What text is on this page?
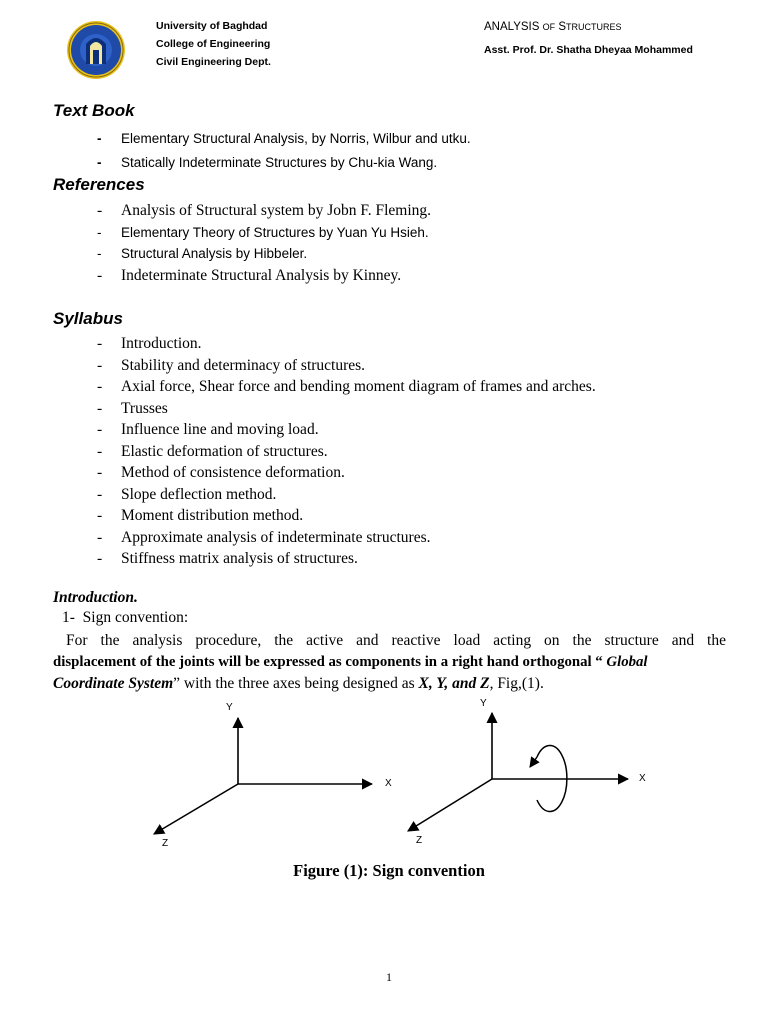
University of Baghdad
College of Engineering
Civil Engineering Dept.
ANALYSIS OF STRUCTURES
Asst. Prof. Dr. Shatha Dheyaa Mohammed
Text Book
- Elementary Structural Analysis, by Norris, Wilbur and utku.
- Statically Indeterminate Structures by Chu-kia Wang.
References
- Analysis of Structural system by Jobn F. Fleming.
- Elementary Theory of Structures by Yuan Yu Hsieh.
- Structural Analysis by Hibbeler.
- Indeterminate Structural Analysis by Kinney.
Syllabus
- Introduction.
- Stability and determinacy of structures.
- Axial force, Shear force and bending moment diagram of frames and arches.
- Trusses
- Influence line and moving load.
- Elastic deformation of structures.
- Method of consistence deformation.
- Slope deflection method.
- Moment distribution method.
- Approximate analysis of indeterminate structures.
- Stiffness matrix analysis of structures.
Introduction.
1- Sign convention:
For the analysis procedure, the active and reactive load acting on the structure and the
displacement of the joints will be expressed as components in a right hand orthogonal “ Global
Coordinate System” with the three axes being designed as X, Y, and Z, Fig,(1).
Y
X
Z
Y
X
Z
Figure (1): Sign convention
1
